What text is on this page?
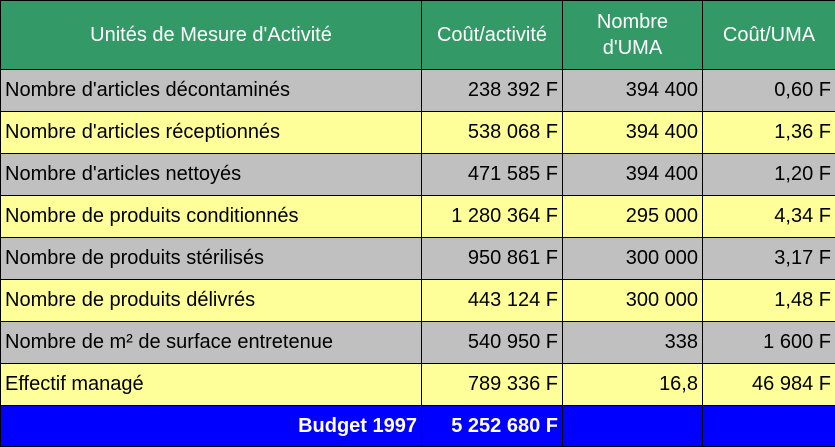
Unités de Mesure d'Activité	Coût/activité	Nombre d'UMA	Coût/UMA
Nombre d'articles décontaminés	238 392 F	394 400	0,60 F
Nombre d'articles réceptionnés	538 068 F	394 400	1,36 F
Nombre d'articles nettoyés	471 585 F	394 400	1,20 F
Nombre de produits conditionnés	1 280 364 F	295 000	4,34 F
Nombre de produits stérilisés	950 861 F	300 000	3,17 F
Nombre de produits délivrés	443 124 F	300 000	1,48 F
Nombre de m² de surface entretenue	540 950 F	338	1 600 F
Effectif managé	789 336 F	16,8	46 984 F
Budget 1997	5 252 680 F		
